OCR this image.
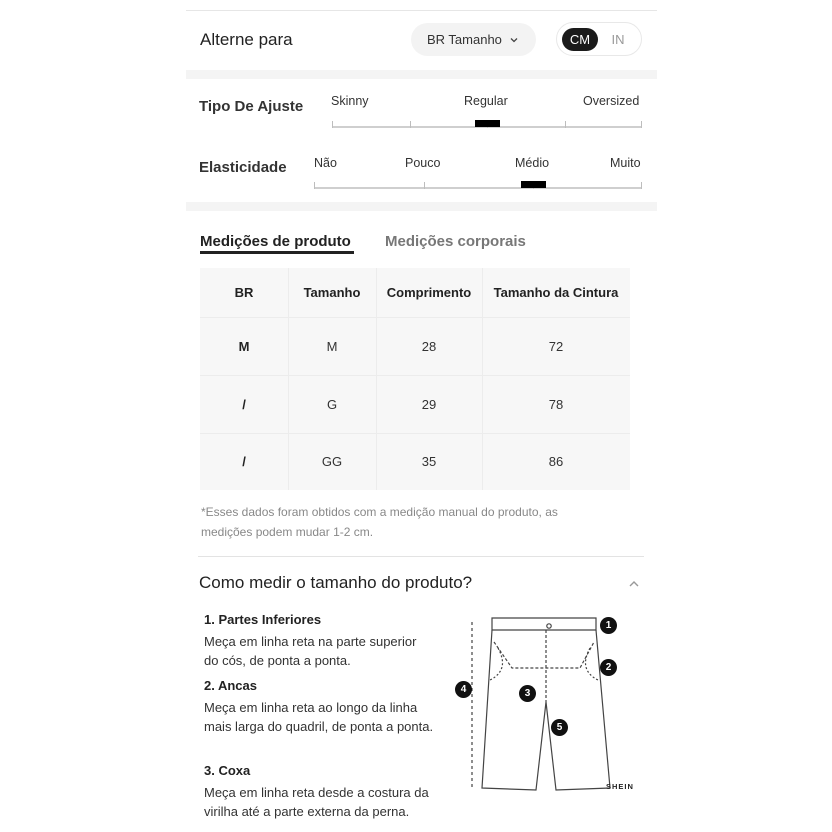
Alterne para	BR Tamanho	CM	IN
Tipo De Ajuste Skinny	Regular	Oversized
Elasticidade Não	Pouco	Médio	Muito
Medições de produto Medições corporais
BR	Tamanho	Comprimento	Tamanho da Cintura
M	M	28	72
/	G	29	78
/	GG	35	86
*Esses dados foram obtidos com a medição manual do produto, as medições podem mudar 1-2 cm.
Como medir o tamanho do produto?
1. Partes Inferiores
Meça em linha reta na parte superior do cós, de ponta a ponta.
2. Ancas
Meça em linha reta ao longo da linha mais larga do quadril, de ponta a ponta.
3. Coxa
Meça em linha reta desde a costura da virilha até a parte externa da perna.
1
2
3
4
5
SHEIN
